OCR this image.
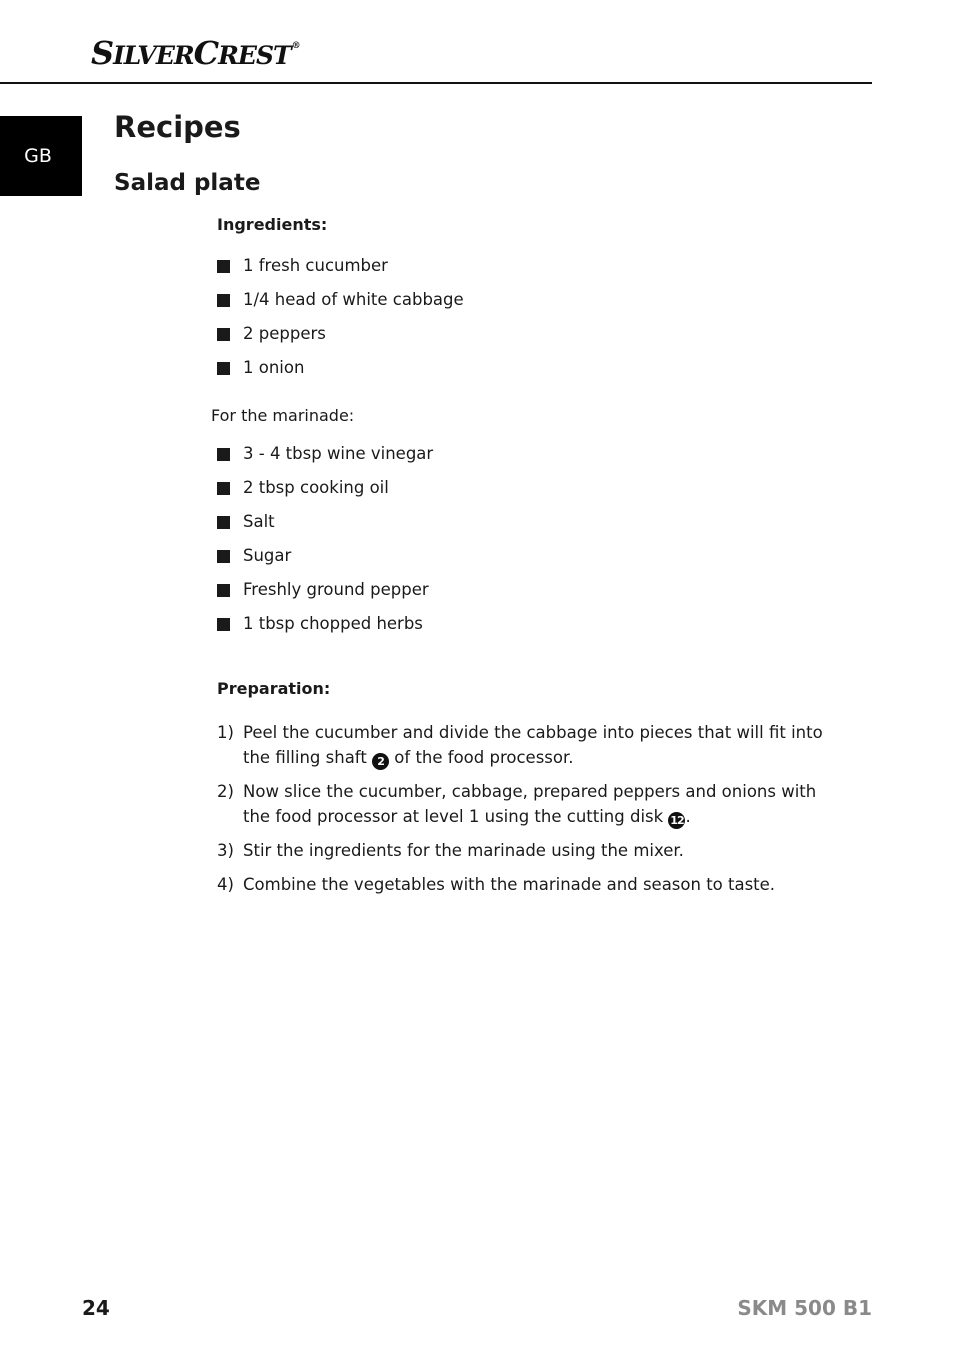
SILVERCREST®
GB
Recipes
Salad plate
Ingredients:
1 fresh cucumber
1/4 head of white cabbage
2 peppers
1 onion
For the marinade:
3 - 4 tbsp wine vinegar
2 tbsp cooking oil
Salt
Sugar
Freshly ground pepper
1 tbsp chopped herbs
Preparation:
1) Peel the cucumber and divide the cabbage into pieces that will fit into the filling shaft 2 of the food processor.
2) Now slice the cucumber, cabbage, prepared peppers and onions with the food processor at level 1 using the cutting disk 12 .
3) Stir the ingredients for the marinade using the mixer.
4) Combine the vegetables with the marinade and season to taste.
24	SKM 500 B1
